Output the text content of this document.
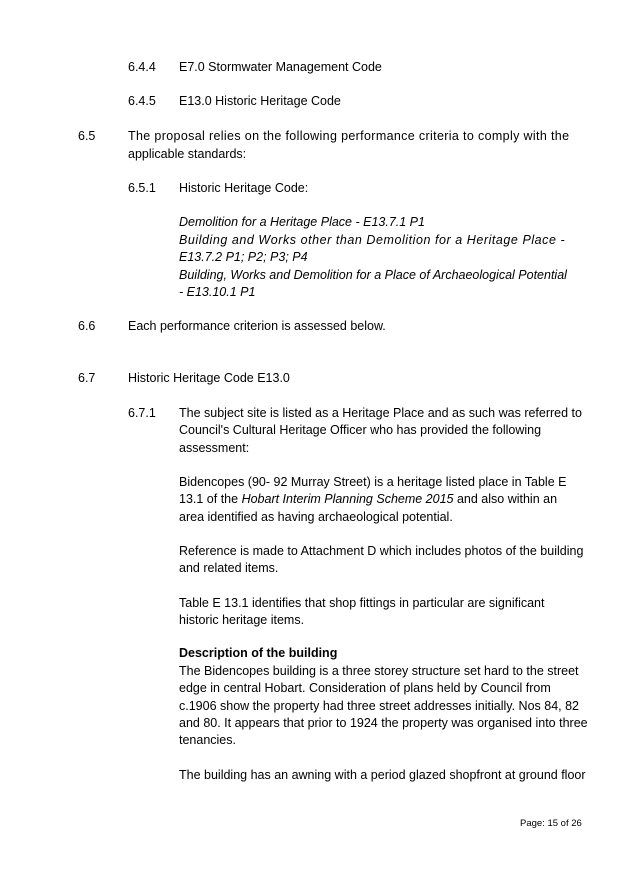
6.4.4 E7.0 Stormwater Management Code
6.4.5 E13.0 Historic Heritage Code
6.5	The proposal relies on the following performance criteria to comply with the
applicable standards:
6.5.1 Historic Heritage Code:
Demolition for a Heritage Place - E13.7.1 P1
Building and Works other than Demolition for a Heritage Place -
E13.7.2 P1; P2; P3; P4
Building, Works and Demolition for a Place of Archaeological Potential
- E13.10.1 P1
6.6	Each performance criterion is assessed below.
6.7	Historic Heritage Code E13.0
6.7.1 The subject site is listed as a Heritage Place and as such was referred to
Council's Cultural Heritage Officer who has provided the following
assessment:
Bidencopes (90- 92 Murray Street) is a heritage listed place in Table E
13.1 of the Hobart Interim Planning Scheme 2015 and also within an
area identified as having archaeological potential.
Reference is made to Attachment D which includes photos of the building
and related items.
Table E 13.1 identifies that shop fittings in particular are significant
historic heritage items.
Description of the building
The Bidencopes building is a three storey structure set hard to the street
edge in central Hobart. Consideration of plans held by Council from
c.1906 show the property had three street addresses initially. Nos 84, 82
and 80. It appears that prior to 1924 the property was organised into three
tenancies.
The building has an awning with a period glazed shopfront at ground floor
Page: 15 of 26
